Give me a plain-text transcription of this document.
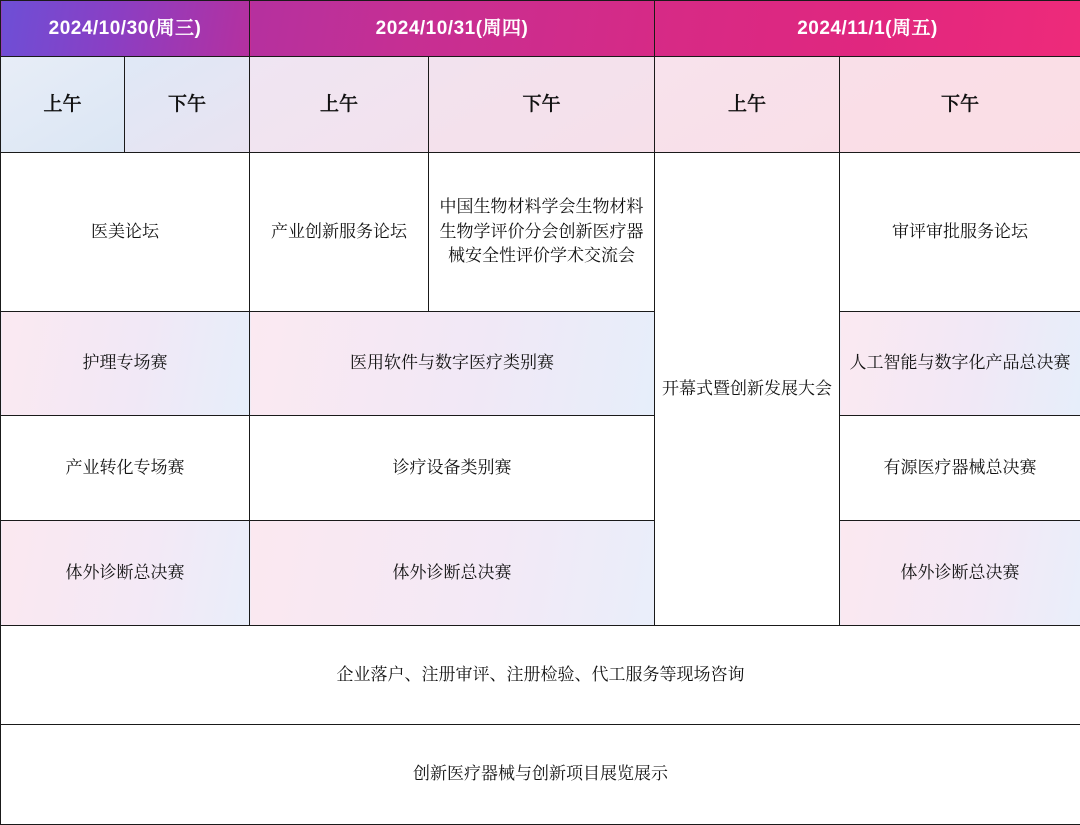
2024/10/30(周三)		2024/10/31(周四)		2024/11/1(周五)	
上午	下午	上午	下午	上午	下午
医美论坛		产业创新服务论坛	中国生物材料学会生物材料生物学评价分会创新医疗器械安全性评价学术交流会	开幕式暨创新发展大会	审评审批服务论坛
护理专场赛		医用软件与数字医疗类别赛			人工智能与数字化产品总决赛
产业转化专场赛		诊疗设备类别赛			有源医疗器械总决赛
体外诊断总决赛		体外诊断总决赛			体外诊断总决赛
企业落户、注册审评、注册检验、代工服务等现场咨询					
创新医疗器械与创新项目展览展示					
